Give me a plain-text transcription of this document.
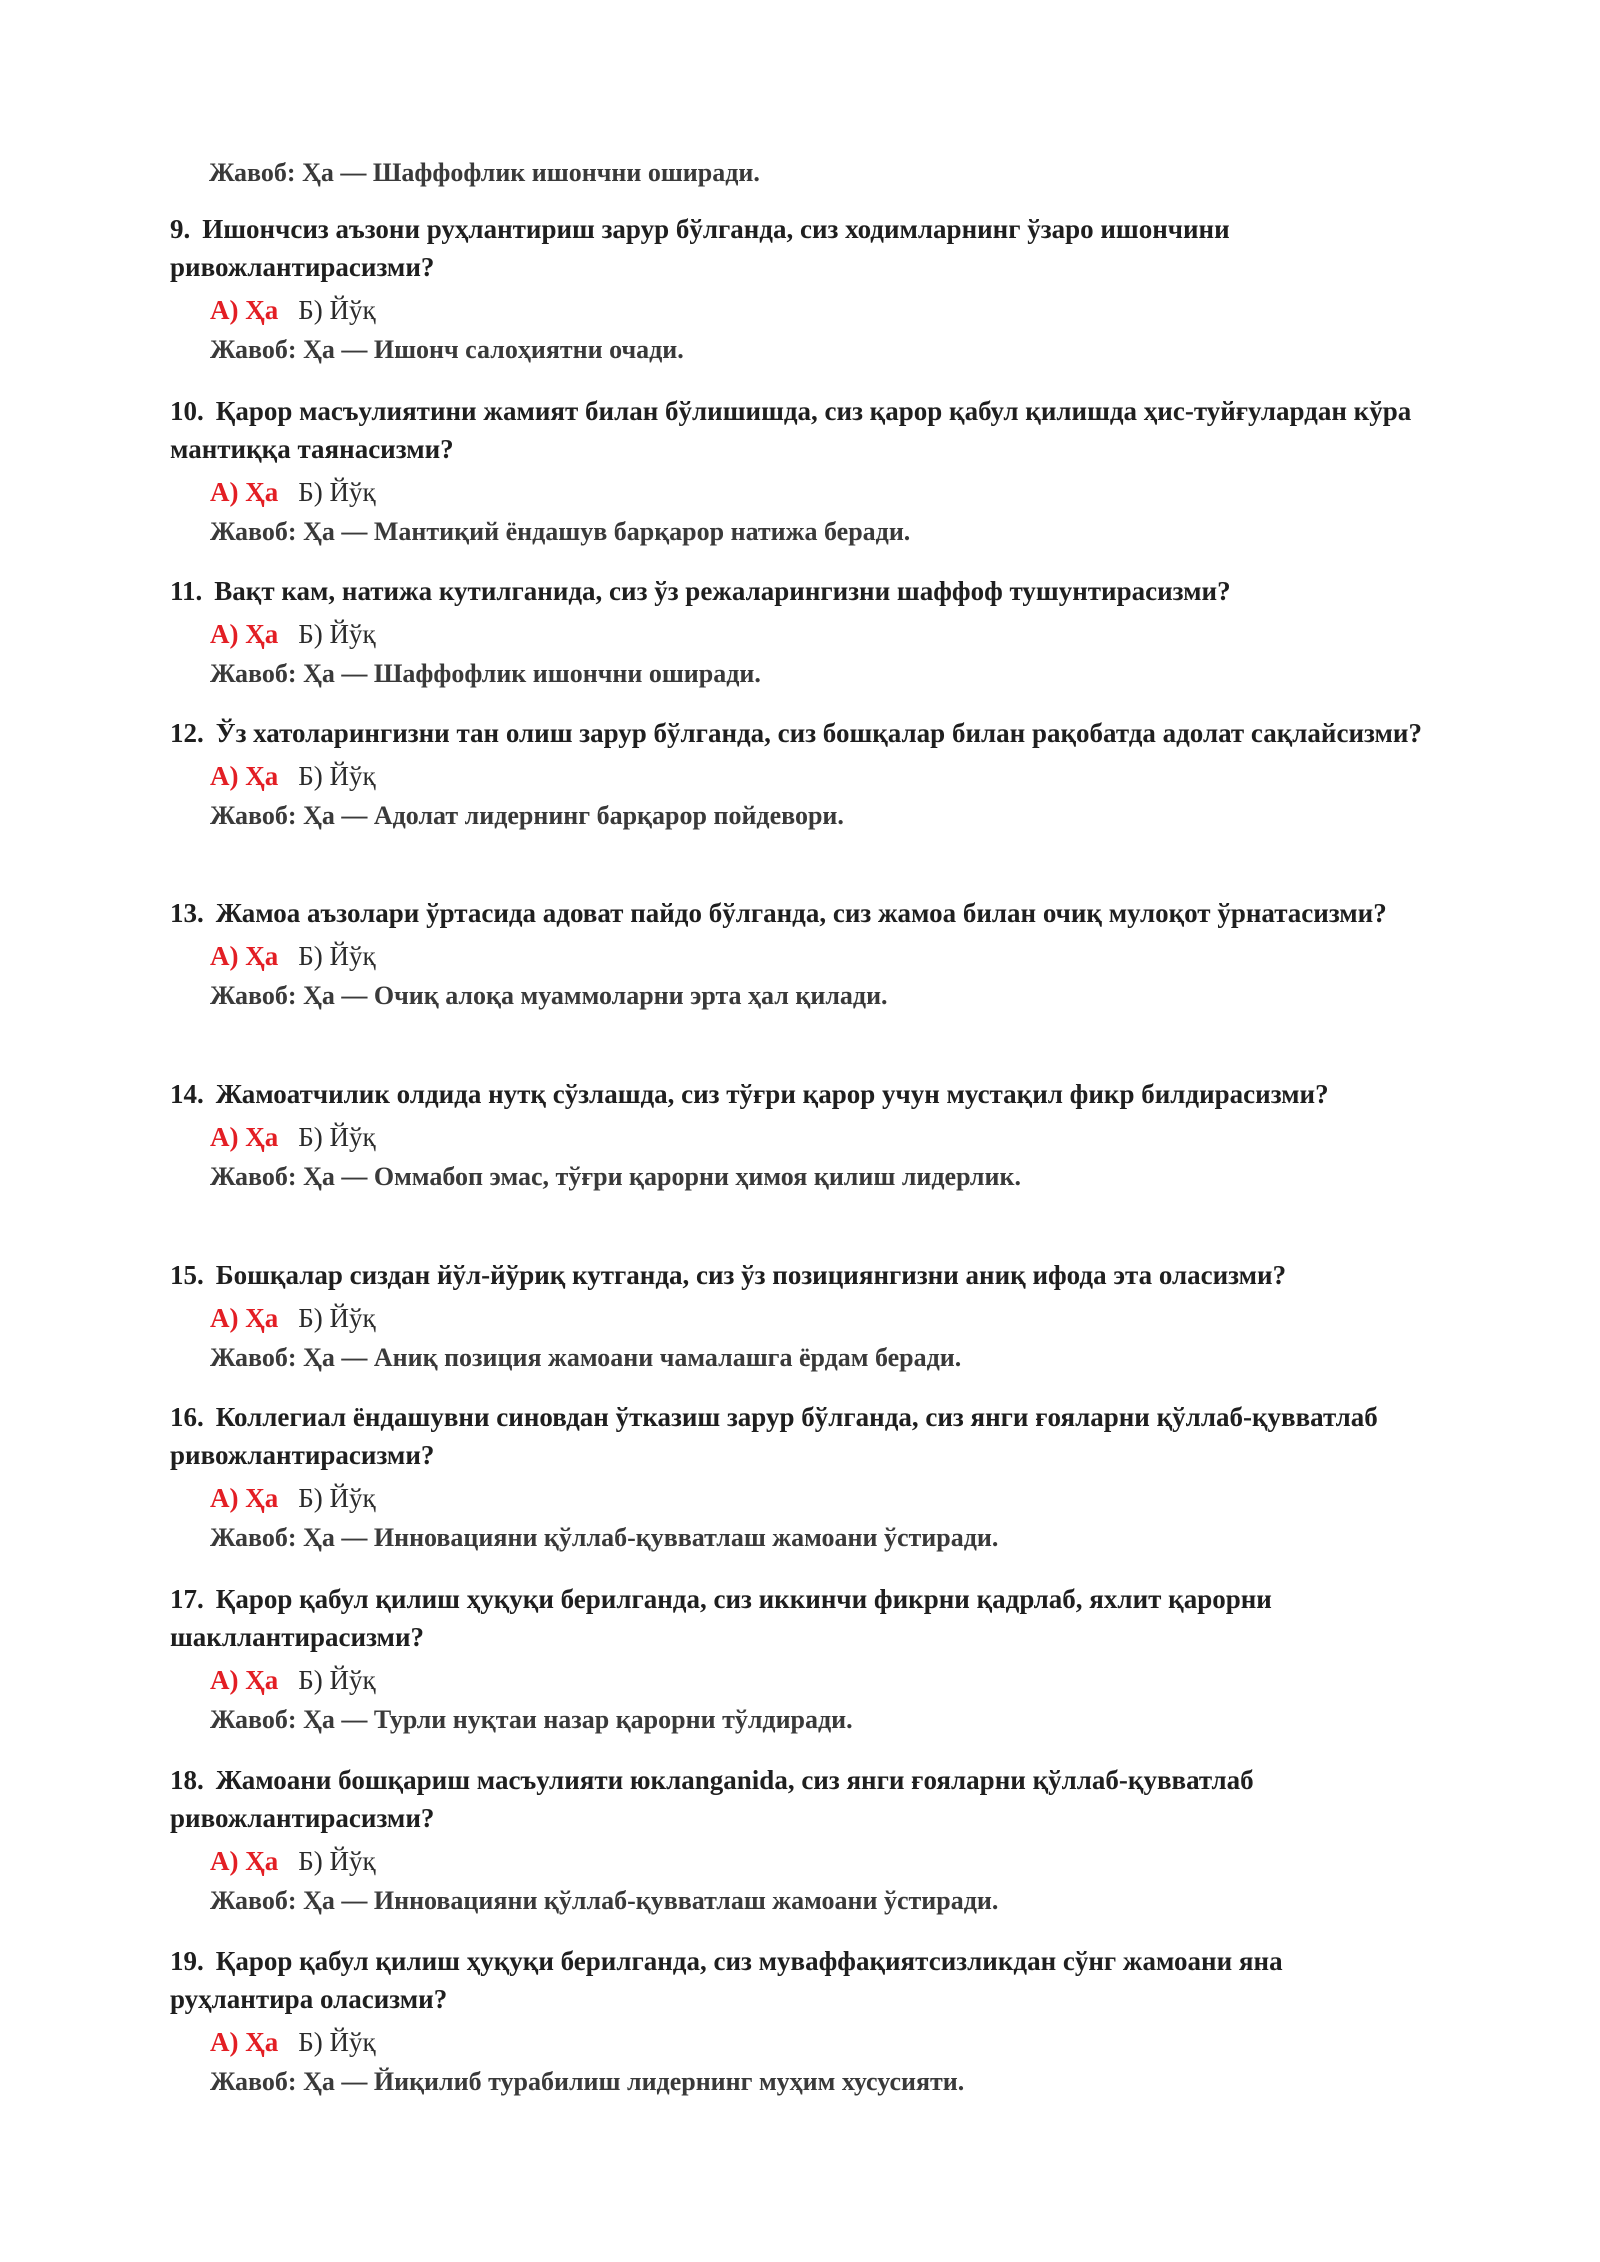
Жавоб: Ҳа — Шаффофлик ишончни оширади.

9. Ишончсиз аъзони руҳлантириш зарур бўлганда, сиз ходимларнинг ўзаро ишончини ривожлантирасизми?

А) Ҳа Б) Йўқ
Жавоб: Ҳа — Ишонч салоҳиятни очади.

10. Қарор масъулиятини жамият билан бўлишишда, сиз қарор қабул қилишда ҳис-туйғулардан кўра мантиққа таянасизми?

А) Ҳа Б) Йўқ
Жавоб: Ҳа — Мантиқий ёндашув барқарор натижа беради.

11. Вақт кам, натижа кутилганида, сиз ўз режаларингизни шаффоф тушунтирасизми?

А) Ҳа Б) Йўқ
Жавоб: Ҳа — Шаффофлик ишончни оширади.

12. Ўз хатоларингизни тан олиш зарур бўлганда, сиз бошқалар билан рақобатда адолат сақлайсизми?

А) Ҳа Б) Йўқ
Жавоб: Ҳа — Адолат лидернинг барқарор пойдевори.

13. Жамоа аъзолари ўртасида адоват пайдо бўлганда, сиз жамоа билан очиқ мулоқот ўрнатасизми?

А) Ҳа Б) Йўқ
Жавоб: Ҳа — Очиқ алоқа муаммоларни эрта ҳал қилади.

14. Жамоатчилик олдида нутқ сўзлашда, сиз тўғри қарор учун мустақил фикр билдирасизми?

А) Ҳа Б) Йўқ
Жавоб: Ҳа — Оммабоп эмас, тўғри қарорни ҳимоя қилиш лидерлик.

15. Бошқалар сиздан йўл-йўриқ кутганда, сиз ўз позициянгизни аниқ ифода эта оласизми?

А) Ҳа Б) Йўқ
Жавоб: Ҳа — Аниқ позиция жамоани чамалашга ёрдам беради.

16. Коллегиал ёндашувни синовдан ўтказиш зарур бўлганда, сиз янги ғояларни қўллаб-қувватлаб ривожлантирасизми?

А) Ҳа Б) Йўқ
Жавоб: Ҳа — Инновацияни қўллаб-қувватлаш жамоани ўстиради.

17. Қарор қабул қилиш ҳуқуқи берилганда, сиз иккинчи фикрни қадрлаб, яхлит қарорни шакллантирасизми?

А) Ҳа Б) Йўқ
Жавоб: Ҳа — Турли нуқтаи назар қарорни тўлдиради.

18. Жамоани бошқариш масъулияти юклanganida, сиз янги ғояларни қўллаб-қувватлаб ривожлантирасизми?

А) Ҳа Б) Йўқ
Жавоб: Ҳа — Инновацияни қўллаб-қувватлаш жамоани ўстиради.

19. Қарор қабул қилиш ҳуқуқи берилганда, сиз муваффақиятсизликдан сўнг жамоани яна руҳлантира оласизми?

А) Ҳа Б) Йўқ
Жавоб: Ҳа — Йиқилиб турабилиш лидернинг муҳим хусусияти.
